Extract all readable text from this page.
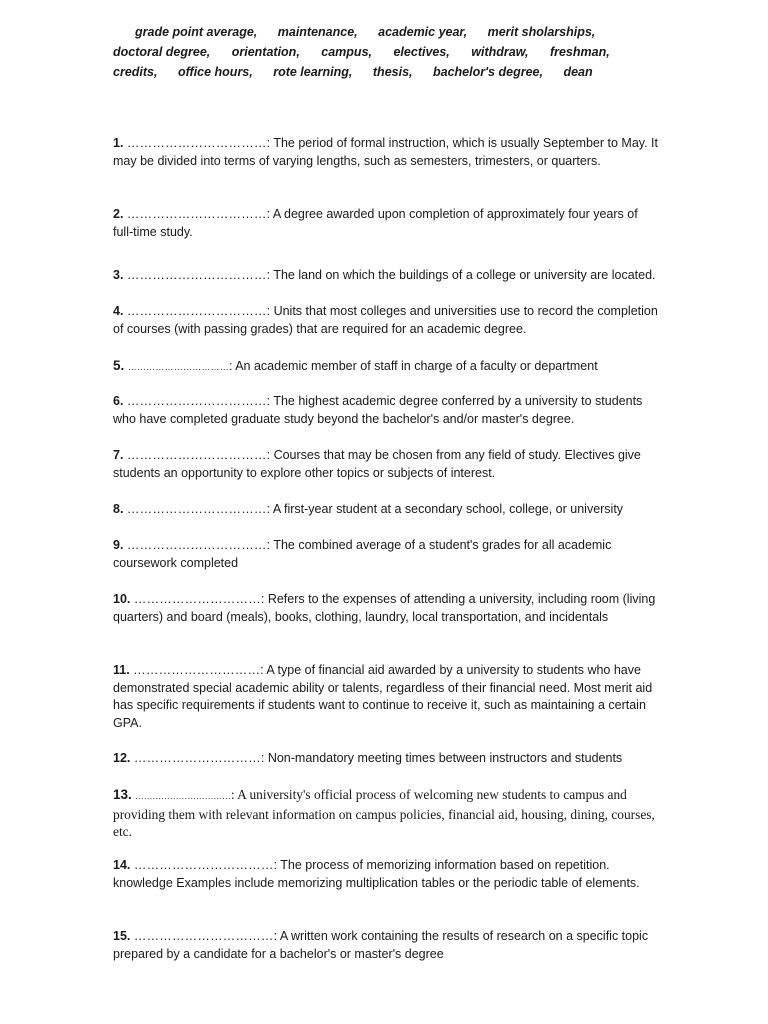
grade point average, maintenance, academic year, merit sholarships,
doctoral degree, orientation, campus, electives, withdraw, freshman,
credits, office hours, rote learning, thesis, bachelor's degree, dean
1. ……………………………: The period of formal instruction, which is usually September to May. It may be divided into terms of varying lengths, such as semesters, trimesters, or quarters.
2. ……………………………: A degree awarded upon completion of approximately four years of full-time study.
3. ……………………………: The land on which the buildings of a college or university are located.
4. ……………………………: Units that most colleges and universities use to record the completion of courses (with passing grades) that are required for an academic degree.
5. ……………………………: An academic member of staff in charge of a faculty or department
6. ……………………………: The highest academic degree conferred by a university to students who have completed graduate study beyond the bachelor's and/or master's degree.
7. ……………………………: Courses that may be chosen from any field of study. Electives give students an opportunity to explore other topics or subjects of interest.
8. ……………………………: A first-year student at a secondary school, college, or university
9. ……………………………: The combined average of a student's grades for all academic coursework completed
10. …………………………: Refers to the expenses of attending a university, including room (living quarters) and board (meals), books, clothing, laundry, local transportation, and incidentals
11. …………………………: A type of financial aid awarded by a university to students who have demonstrated special academic ability or talents, regardless of their financial need. Most merit aid has specific requirements if students want to continue to receive it, such as maintaining a certain GPA.
12. …………………………: Non-mandatory meeting times between instructors and students
13. ……………………………: A university's official process of welcoming new students to campus and providing them with relevant information on campus policies, financial aid, housing, dining, courses, etc.
14. ……………………………: The process of memorizing information based on repetition. knowledge Examples include memorizing multiplication tables or the periodic table of elements.
15. ……………………………: A written work containing the results of research on a specific topic prepared by a candidate for a bachelor's or master's degree
